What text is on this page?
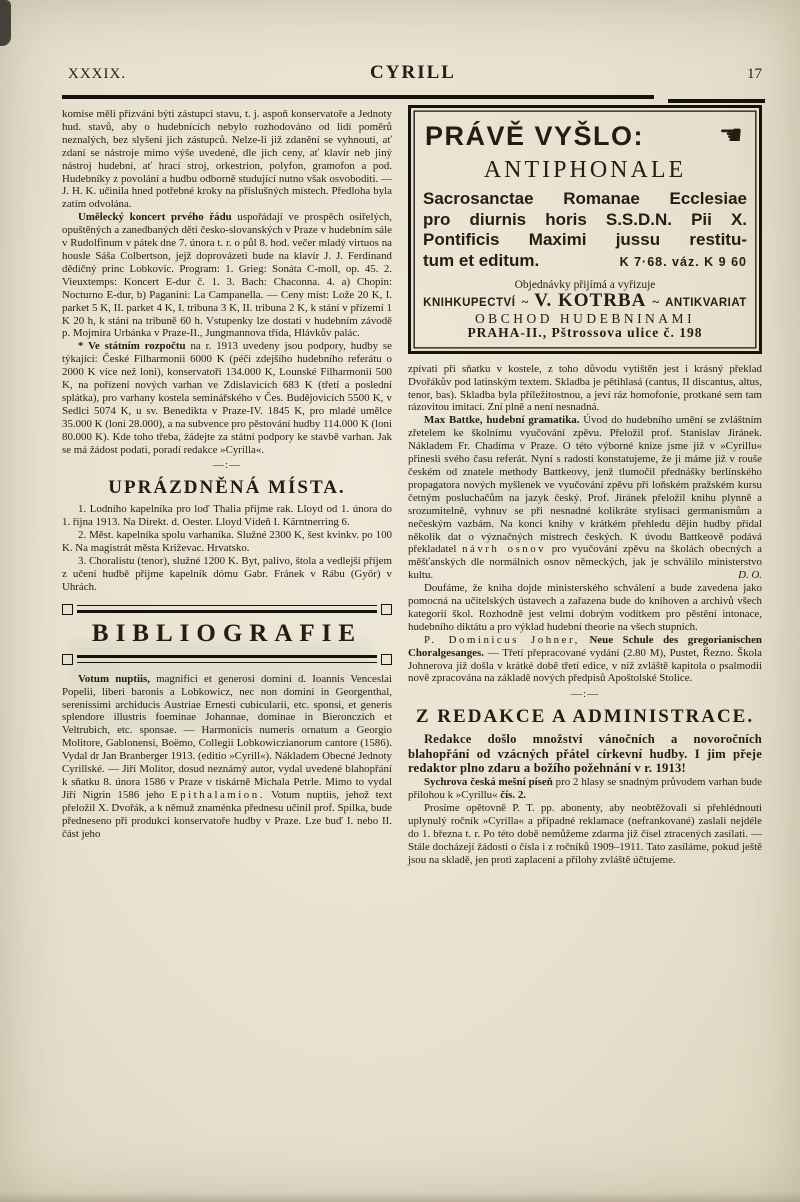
XXXIX.	CYRILL	17

komise měli přizváni býti zástupci stavu, t. j. aspoň konservatoře a Jednoty hud. stavů, aby o hudebnících nebylo rozhodováno od lidí poměrů neznalých, bez slyšení jich zástupců. Nelze-li již zdanění se vyhnouti, ať zdaní se nástroje mimo výše uvedené, dle jich ceny, ať klavír neb jiný nástroj hudební, ať hrací stroj, orkestrion, polyfon, gramofon a pod. Hudebníky z povolání a hudbu odborně studující nutno však osvoboditi. — J. H. K. učinila hned potřebné kroky na příslušných místech. Předloha byla zatím odvolána.

Umělecký koncert prvého řádu uspořádají ve prospěch osiřelých, opuštěných a zanedbaných dětí česko-slovanských v Praze v hudebním sále v Rudolfinum v pátek dne 7. února t. r. o půl 8. hod. večer mladý virtuos na housle Sáša Colbertson, jejž doprovázeti bude na klavír J. J. Ferdinand dědičný princ Lobkovic. Program: 1. Grieg: Sonáta C-moll, op. 45. 2. Vieuxtemps: Koncert E-dur č. 1. 3. Bach: Chaconna. 4. a) Chopin: Nocturno E-dur, b) Paganini: La Campanella. — Ceny míst: Lože 20 K, I. parket 5 K, II. parket 4 K, I. tribuna 3 K, II. tribuna 2 K, k stání v přízemí 1 K 20 h, k stání na tribuně 60 h. Vstupenky lze dostati v hudebním závodě p. Mojmíra Urbánka v Praze-II., Jungmannova třída, Hlávkův palác.

* Ve státním rozpočtu na r. 1913 uvedeny jsou podpory, hudby se týkající: České Filharmonii 6000 K (péčí zdejšího hudebního referátu o 2000 K více než loni), konservatoři 134.000 K, Lounské Filharmonii 500 K, na pořízení nových varhan ve Zdislavicích 683 K (třetí a poslední splátka), pro varhany kostela seminářského v Čes. Budějovicích 5500 K, v Sedlci 5074 K, u sv. Benedikta v Praze-IV. 1845 K, pro mladé umělce 35.000 K (loni 28.000), a na subvence pro pěstování hudby 114.000 K (loni 80.000 K). Kde toho třeba, žádejte za státní podpory ke stavbě varhan. Jak se má žádost podati, poradí redakce »Cyrilla«.

—:—
UPRÁZDNĚNÁ MÍSTA.

1. Lodního kapelníka pro loď Thalia přijme rak. Lloyd od 1. února do 1. října 1913. Na Direkt. d. Oester. Lloyd Vídeň I. Kärntnerring 6.

2. Měst. kapelníka spolu varhaníka. Služné 2300 K, šest kvinkv. po 100 K. Na magistrát města Križevac. Hrvatsko.

3. Choralistu (tenor), služné 1200 K. Byt, palivo, štola a vedlejší příjem z učení hudbě přijme kapelník dómu Gabr. Fránek v Rábu (Győr) v Uhrách.

BIBLIOGRAFIE

Votum nuptiis, magnifici et generosi domini d. Ioannis Venceslai Popelii, liberi baronis a Lobkowicz, nec non domini in Georgenthal, serenissimi archiducis Austriae Ernesti cubicularii, etc. sponsi, et generis splendore illustris foeminae Johannae, dominae in Bieronczich et Veltrubich, etc. sponsae. — Harmonicis numeris ornatum a Georgio Molitore, Gablonensi, Boëmo, Collegii Lobkowiczianorum cantore (1586). Vydal dr Jan Branberger 1913. (editio »Cyrill«). Nákladem Obecné Jednoty Cyrillské. — Jiří Molitor, dosud neznámý autor, vydal uvedené blahopřání k sňatku 8. února 1586 v Praze v tiskárně Michala Petrle. Mimo to vydal Jiří Nigrin 1586 jeho Epithalamion. Votum nuptiis, jehož text přeložil X. Dvořák, a k němuž znaménka přednesu učinil prof. Spilka, bude předneseno při produkci konservatoře hudby v Praze. Lze buď I. nebo II. část jeho

PRÁVĚ VYŠLO:	☚
ANTIPHONALE
Sacrosanctae Romanae Ecclesiae
pro diurnis horis S.S.D.N. Pii X.
Pontificis Maximi jussu restitu-
tum et editum.	K 7·68. váz. K 9 60
Objednávky přijímá a vyřizuje
KNIHKUPECTVÍ ~ V. KOTRBA ~ ANTIKVARIAT
OBCHOD HUDEBNINAMI
PRAHA-II., Pštrossova ulice č. 198

zpívati při sňatku v kostele, z toho důvodu vytištěn jest i krásný překlad Dvořákův pod latinským textem. Skladba je pětihlasá (cantus, II discantus, altus, tenor, bas). Skladba byla příležitostnou, a jeví ráz homofonie, protkané sem tam rázovitou imitací. Zní plně a není nesnadná.

Max Battke, hudební gramatika. Úvod do hudebního umění se zvláštním zřetelem ke školnímu vyučování zpěvu. Přeložil prof. Stanislav Jiránek. Nákladem Fr. Chadíma v Praze. O této výborné knize jsme již v »Cyrillu« přinesli svého času referát. Nyní s radostí konstatujeme, že ji máme již v rouše českém od znatele methody Battkeovy, jenž tlumočil přednášky berlínského propagatora nových myšlenek ve vyučování zpěvu při loňském pražském kursu četným posluchačům na jazyk český. Prof. Jiránek přeložil knihu plynně a srozumitelně, vyhnuv se při nesnadné kolikráte stylisaci germanismům a nečeským vazbám. Na konci knihy v krátkém přehledu dějin hudby přidal několik dat o význačných mistrech českých. K úvodu Battkeově podává překladatel návrh osnov pro vyučování zpěvu na školách obecných a měšťanských dle normálních osnov německých, jak je schválilo ministerstvo kultu.	D. O.

Doufáme, že kniha dojde ministerského schválení a bude zavedena jako pomocná na učitelských ústavech a zařazena bude do knihoven a archivů všech kategorií škol. Rozhodně jest velmi dobrým vodítkem pro pěstění intonace, hudebního diktátu a pro výklad hudební theorie na všech stupních.

P. Dominicus Johner, Neue Schule des gregorianischen Choralgesanges. — Třetí přepracované vydání (2.80 M), Pustet, Řezno. Škola Johnerova již došla v krátké době třetí edice, v níž zvláště kapitola o psalmodii nově zpracována na základě nových předpisů Apoštolské Stolice.

—:—
Z REDAKCE A ADMINISTRACE.

Redakce došlo množství vánočních a novoročních blahopřání od vzácných přátel církevní hudby. I jim přeje redaktor plno zdaru a božího požehnání v r. 1913!

Sychrova česká mešní píseň pro 2 hlasy se snadným průvodem varhan bude přílohou k »Cyrillu« čís. 2.

Prosíme opětovně P. T. pp. abonenty, aby neobtěžovali si přehlédnouti uplynulý ročník »Cyrilla« a případné reklamace (nefrankované) zaslali nejdéle do 1. března t. r. Po této době nemůžeme zdarma již čísel ztracených zasílati. — Stále docházejí žádosti o čísla i z ročníků 1909–1911. Tato zasíláme, pokud ještě jsou na skladě, jen proti zaplacení a přílohy zvláště účtujeme.
